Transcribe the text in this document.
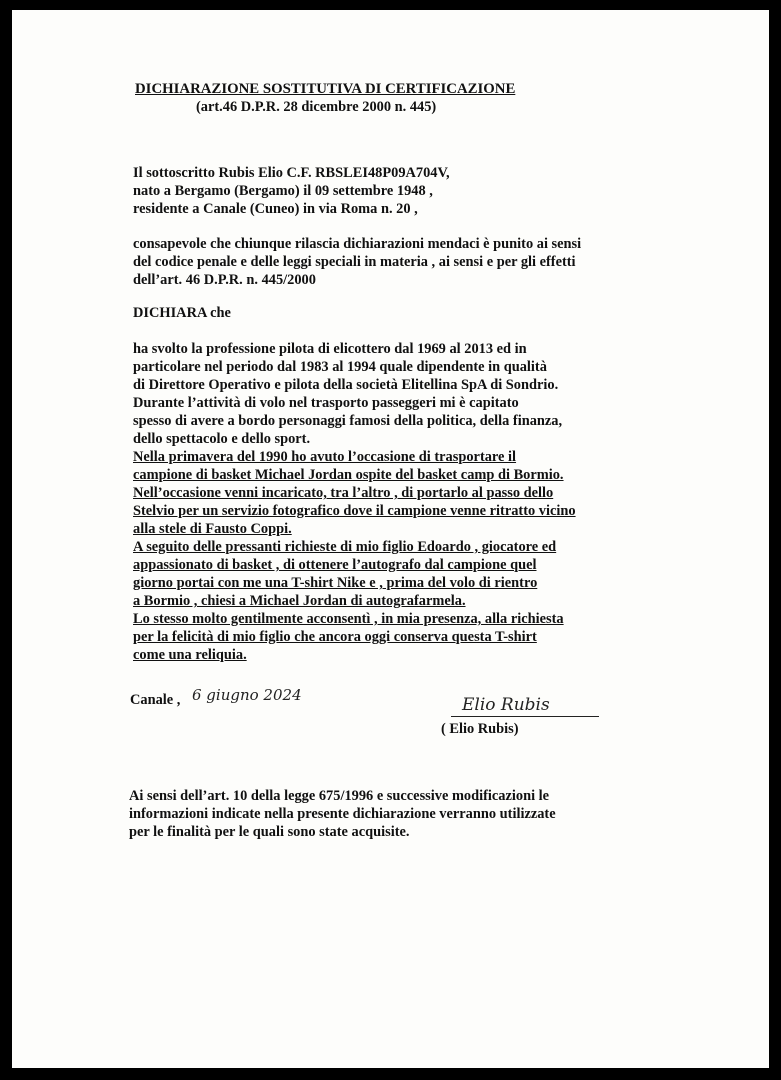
DICHIARAZIONE SOSTITUTIVA DI CERTIFICAZIONE

(art.46 D.P.R. 28 dicembre 2000 n. 445)

Il sottoscritto Rubis Elio C.F. RBSLEI48P09A704V,

nato a Bergamo (Bergamo) il 09 settembre 1948 ,

residente a Canale (Cuneo) in via Roma n. 20 ,

consapevole che chiunque rilascia dichiarazioni mendaci è punito ai sensi

del codice penale e delle leggi speciali in materia , ai sensi e per gli effetti

dell’art. 46 D.P.R. n. 445/2000

DICHIARA che

ha svolto la professione pilota di elicottero dal 1969 al 2013 ed in

particolare nel periodo dal 1983 al 1994 quale dipendente in qualità

di Direttore Operativo e pilota della società Elitellina SpA di Sondrio.

Durante l’attività di volo nel trasporto passeggeri mi è capitato

spesso di avere a bordo personaggi famosi della politica, della finanza,

dello spettacolo e dello sport.

Nella primavera del 1990 ho avuto l’occasione di trasportare il

campione di basket Michael Jordan ospite del basket camp di Bormio.

Nell’occasione venni incaricato, tra l’altro , di portarlo al passo dello

Stelvio per un servizio fotografico dove il campione venne ritratto vicino

alla stele di Fausto Coppi.

A seguito delle pressanti richieste di mio figlio Edoardo , giocatore ed

appassionato di basket , di ottenere l’autografo dal campione quel

giorno portai con me una T-shirt Nike e , prima del volo di rientro

a Bormio , chiesi a Michael Jordan di autografarmela.

Lo stesso molto gentilmente acconsentì , in mia presenza, alla richiesta

per la felicità di mio figlio che ancora oggi conserva questa T-shirt

come una reliquia.

Canale , 6 giugno 2024	Elio Rubis

( Elio Rubis)

Ai sensi dell’art. 10 della legge 675/1996 e successive modificazioni le

informazioni indicate nella presente dichiarazione verranno utilizzate

per le finalità per le quali sono state acquisite.
